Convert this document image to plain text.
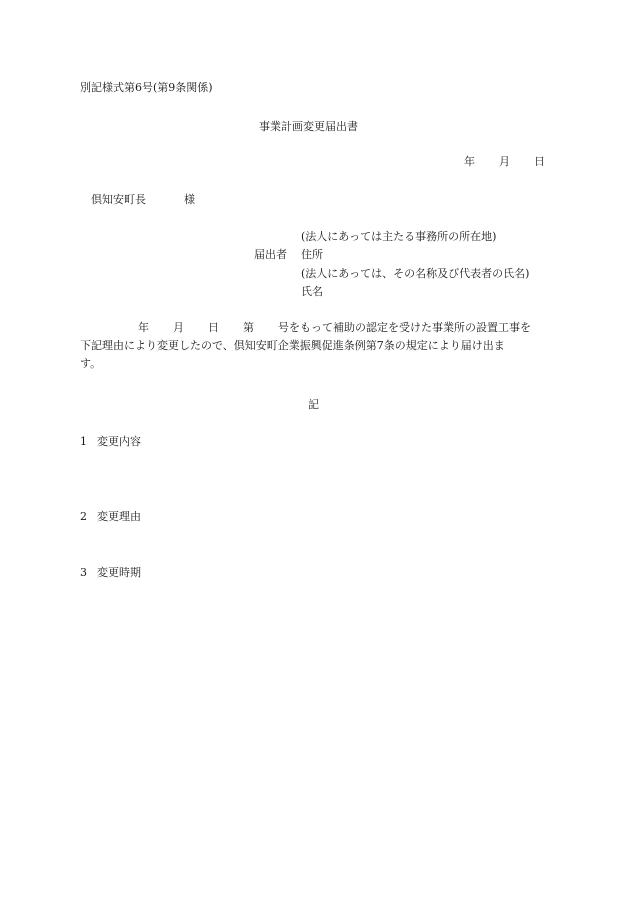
別記様式第6号(第9条関係)
事業計画変更届出書
年 月 日
倶知安町長	様
(法人にあっては主たる事務所の所在地)
届出者 住所
(法人にあっては、その名称及び代表者の氏名)
氏名
年 月 日 第 号をもって補助の認定を受けた事業所の設置工事を
下記理由により変更したので、倶知安町企業振興促進条例第7条の規定により届け出ま
す。
記
1 変更内容
2 変更理由
3 変更時期
